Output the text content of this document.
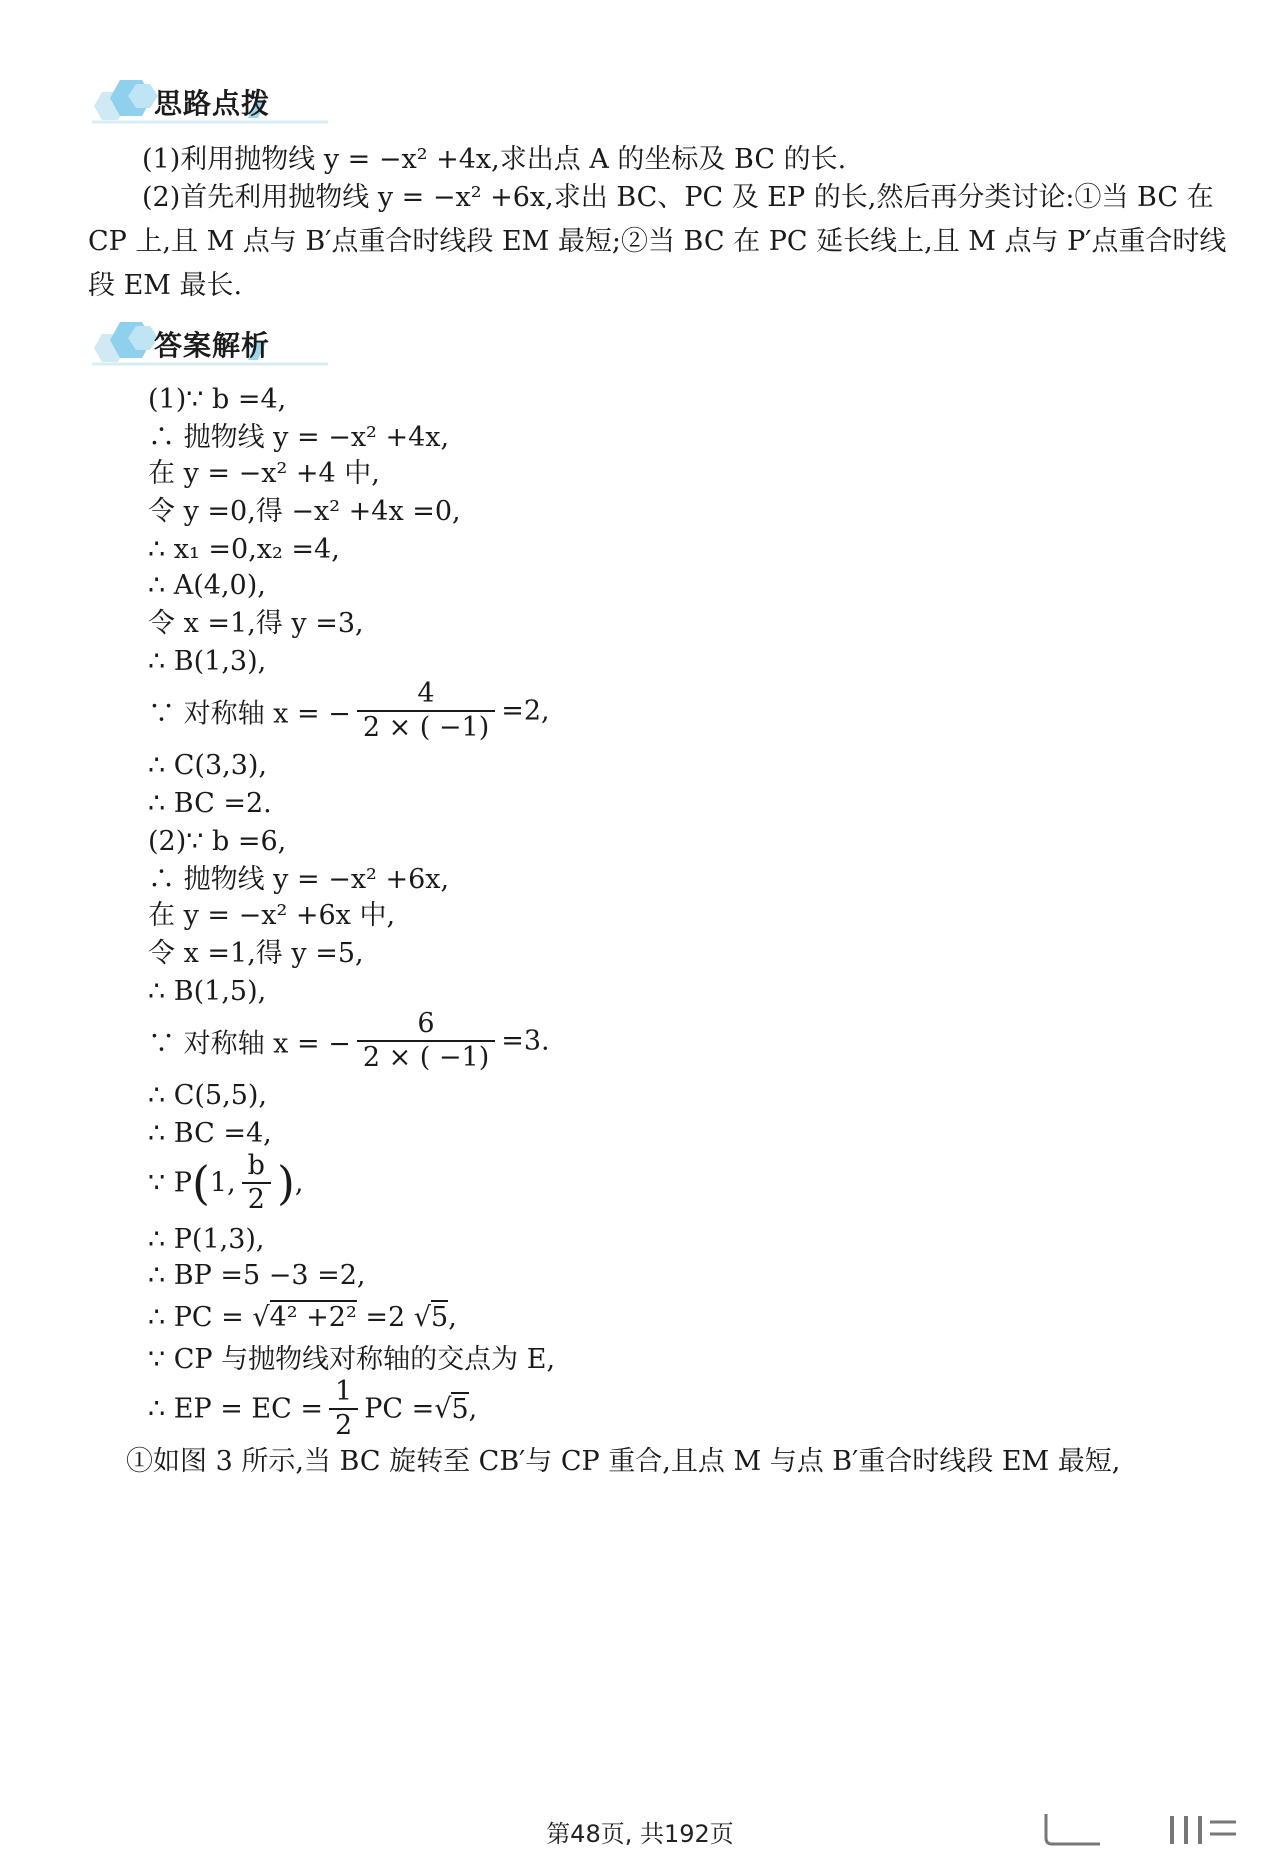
思路点拨
(1)利用抛物线 y = −x² +4x,求出点 A 的坐标及 BC 的长.
(2)首先利用抛物线 y = −x² +6x,求出 BC、PC 及 EP 的长,然后再分类讨论:①当 BC 在 CP 上,且 M 点与 B′点重合时线段 EM 最短;②当 BC 在 PC 延长线上,且 M 点与 P′点重合时线段 EM 最长.
答案解析
(1)∵ b =4,
∴ 抛物线 y = −x² +4x,
在 y = −x² +4 中,
令 y =0,得 −x² +4x =0,
∴ x₁ =0,x₂ =4,
∴ A(4,0),
令 x =1,得 y =3,
∴ B(1,3),
∵ 对称轴 x = − $\frac{4}{2 \times ( -1)} =2$,
∴ C(3,3),
∴ BC =2.
(2)∵ b =6,
∴ 抛物线 y = −x² +6x,
在 y = −x² +6x 中,
令 x =1,得 y =5,
∴ B(1,5),
∵ 对称轴 x = − $\frac{6}{2 \times ( -1)} =3$.
∴ C(5,5),
∴ BC =4,
∵ P(1, $\frac{b}{2}$ ),
∴ P(1,3),
∴ BP =5 −3 =2,
∴ PC = √4² +2² =2 √5,
∵ CP 与抛物线对称轴的交点为 E,
∴ EP = EC = $\frac{1}{2}$ PC =√5,
①如图 3 所示,当 BC 旋转至 CB′与 CP 重合,且点 M 与点 B′重合时线段 EM 最短,
第48页, 共192页
